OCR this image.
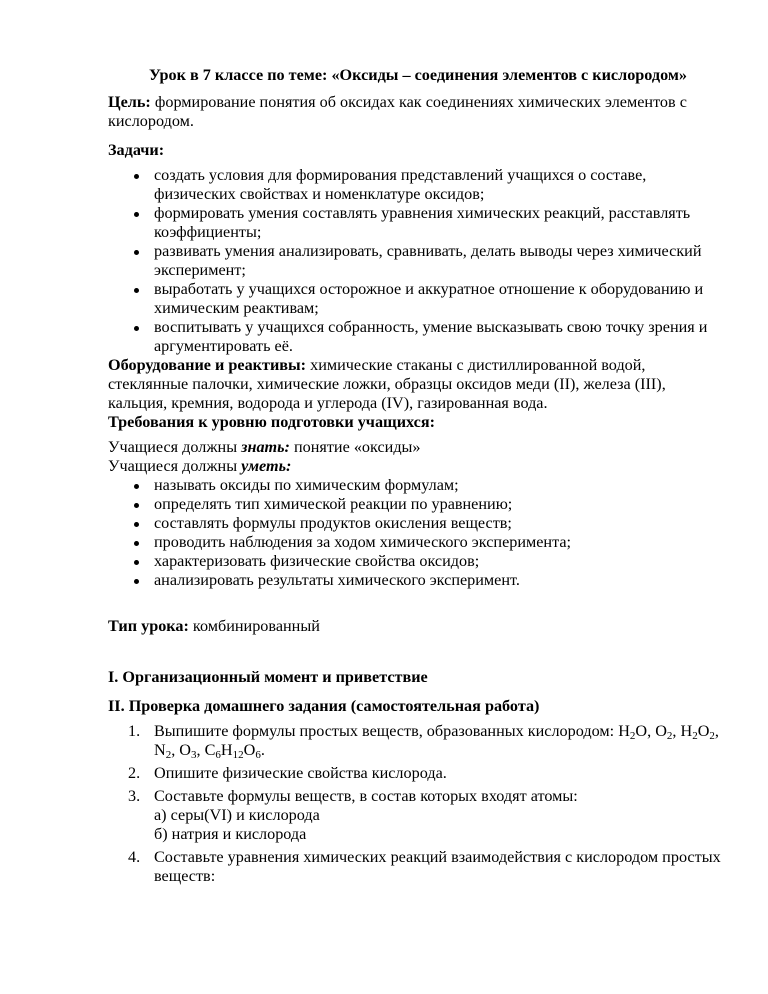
Урок в 7 классе по теме: «Оксиды – соединения элементов с кислородом»

Цель: формирование понятия об оксидах как соединениях химических элементов с кислородом.

Задачи:

создать условия для формирования представлений учащихся о составе, физических свойствах и номенклатуре оксидов;
формировать умения составлять уравнения химических реакций, расставлять коэффициенты;
развивать умения анализировать, сравнивать, делать выводы через химический эксперимент;
выработать у учащихся осторожное и аккуратное отношение к оборудованию и химическим реактивам;
воспитывать у учащихся собранность, умение высказывать свою точку зрения и аргументировать её.

Оборудование и реактивы: химические стаканы с дистиллированной водой, стеклянные палочки, химические ложки, образцы оксидов меди (II), железа (III), кальция, кремния, водорода и углерода (IV), газированная вода.

Требования к уровню подготовки учащихся:

Учащиеся должны знать: понятие «оксиды»

Учащиеся должны уметь:

называть оксиды по химическим формулам;
определять тип химической реакции по уравнению;
составлять формулы продуктов окисления веществ;
проводить наблюдения за ходом химического эксперимента;
характеризовать физические свойства оксидов;
анализировать результаты химического эксперимент.

Тип урока: комбинированный

I. Организационный момент и приветствие

II. Проверка домашнего задания (самостоятельная работа)

1. Выпишите формулы простых веществ, образованных кислородом: $H_2O$, $O_2$, $H_2O_2$, $N_2$, $O_3$, $C_6H_{12}O_6$.
2. Опишите физические свойства кислорода.
3. Составьте формулы веществ, в состав которых входят атомы:
а) серы(VI) и кислорода
б) натрия и кислорода
4. Составьте уравнения химических реакций взаимодействия с кислородом простых веществ:
